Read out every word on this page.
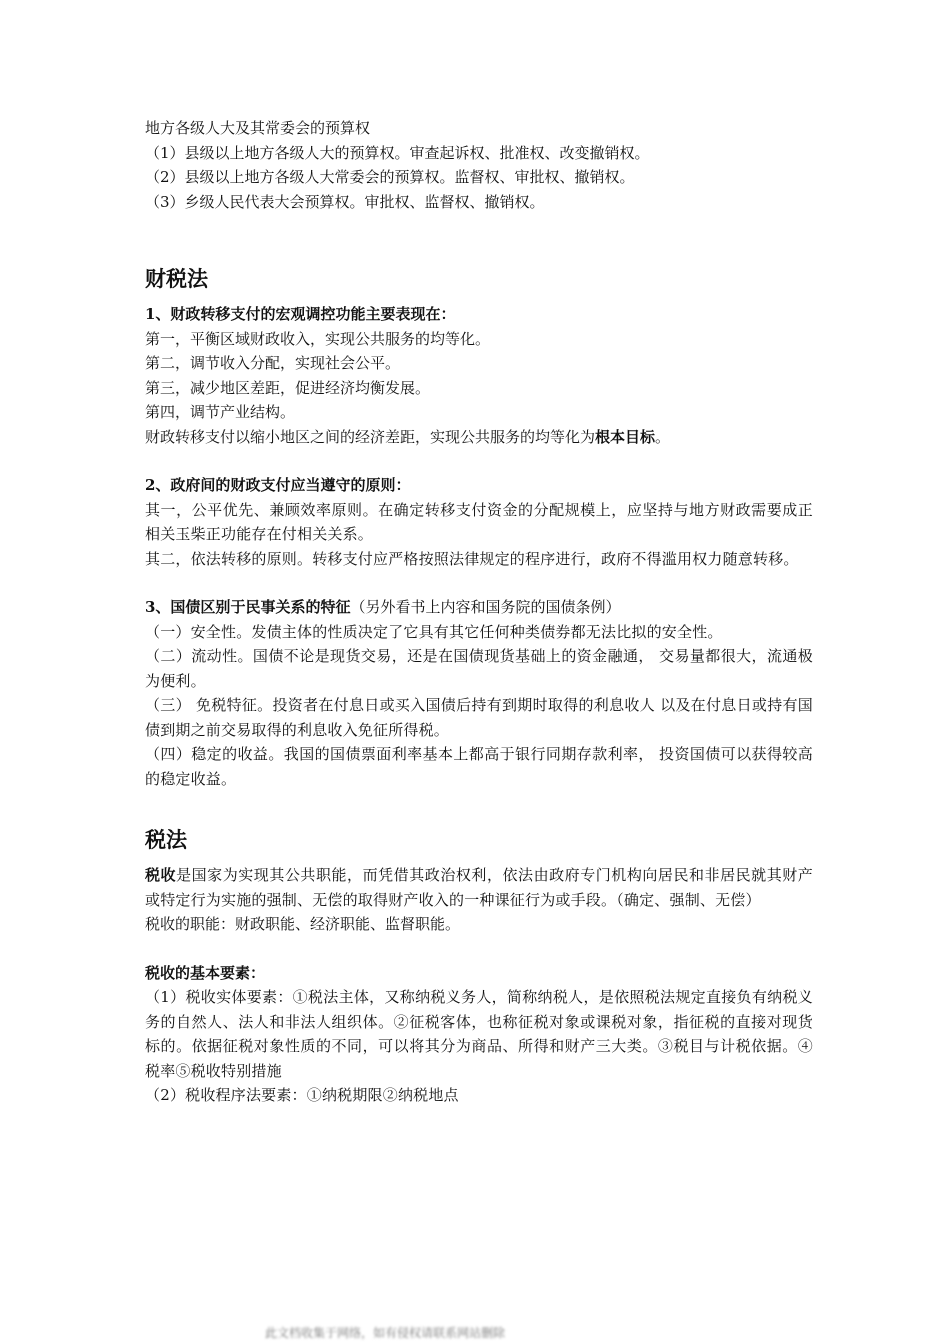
地方各级人大及其常委会的预算权
（1）县级以上地方各级人大的预算权。审查起诉权、批准权、改变撤销权。
（2）县级以上地方各级人大常委会的预算权。监督权、审批权、撤销权。
（3）乡级人民代表大会预算权。审批权、监督权、撤销权。
财税法
1、财政转移支付的宏观调控功能主要表现在：
第一，平衡区域财政收入，实现公共服务的均等化。
第二，调节收入分配，实现社会公平。
第三，减少地区差距，促进经济均衡发展。
第四，调节产业结构。
财政转移支付以缩小地区之间的经济差距，实现公共服务的均等化为根本目标。
2、政府间的财政支付应当遵守的原则：
其一，公平优先、兼顾效率原则。在确定转移支付资金的分配规模上，应坚持与地方财政需要成正相关玉柴正功能存在付相关关系。
其二，依法转移的原则。转移支付应严格按照法律规定的程序进行，政府不得滥用权力随意转移。
3、国债区别于民事关系的特征（另外看书上内容和国务院的国债条例）
（一）安全性。发债主体的性质决定了它具有其它任何种类债券都无法比拟的安全性。
（二）流动性。国债不论是现货交易，还是在国债现货基础上的资金融通， 交易量都很大，流通极为便利。
（三） 免税特征。投资者在付息日或买入国债后持有到期时取得的利息收人 以及在付息日或持有国债到期之前交易取得的利息收入免征所得税。
（四）稳定的收益。我国的国债票面利率基本上都高于银行同期存款利率， 投资国债可以获得较高的稳定收益。
税法
税收是国家为实现其公共职能，而凭借其政治权利，依法由政府专门机构向居民和非居民就其财产或特定行为实施的强制、无偿的取得财产收入的一种课征行为或手段。（确定、强制、无偿）
税收的职能：财政职能、经济职能、监督职能。
税收的基本要素：
（1）税收实体要素：①税法主体，又称纳税义务人，简称纳税人，是依照税法规定直接负有纳税义务的自然人、法人和非法人组织体。②征税客体，也称征税对象或课税对象，指征税的直接对现货标的。依据征税对象性质的不同，可以将其分为商品、所得和财产三大类。③税目与计税依据。④税率⑤税收特别措施
（2）税收程序法要素：①纳税期限②纳税地点
此文档收集于网络，如有侵权请联系网站删除
